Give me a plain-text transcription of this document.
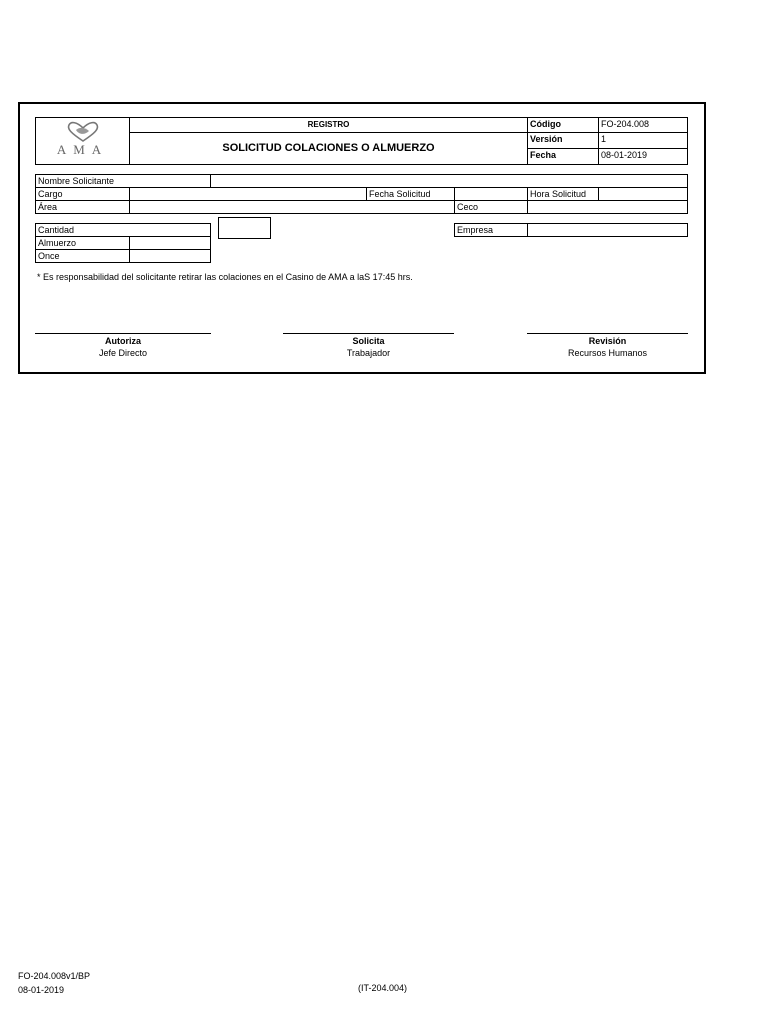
AMA
REGISTRO
SOLICITUD COLACIONES O ALMUERZO
Código	FO-204.008
Versión	1
Fecha	08-01-2019
Nombre Solicitante
Cargo	Fecha Solicitud	Hora Solicitud
Área	Ceco
Cantidad
Almuerzo
Once
Empresa
* Es responsabilidad del solicitante retirar las colaciones en el Casino de AMA a laS 17:45 hrs.
Autoriza
Jefe Directo
Solicita
Trabajador
Revisión
Recursos Humanos
FO-204.008v1/BP
08-01-2019	(IT-204.004)
